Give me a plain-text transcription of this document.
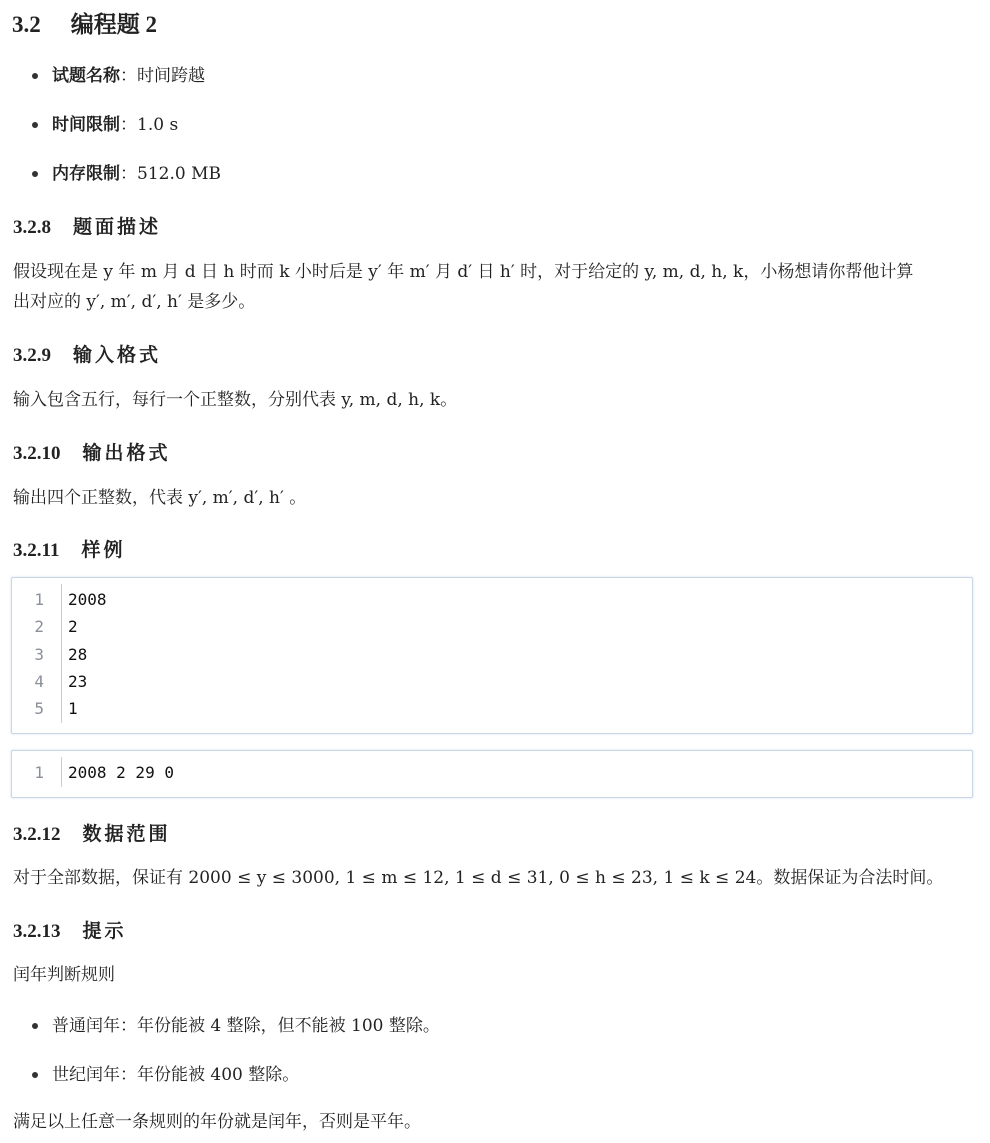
3.2 编程题 2
试题名称：时间跨越
时间限制：1.0 s
内存限制：512.0 MB
3.2.8 题面描述

假设现在是 y 年 m 月 d 日 h 时而 k 小时后是 y′ 年 m′ 月 d′ 日 h′ 时，对于给定的 y, m, d, h, k，小杨想请你帮他计算

出对应的 y′, m′, d′, h′ 是多少。

3.2.9 输入格式

输入包含五行，每行一个正整数，分别代表 y, m, d, h, k。

3.2.10 输出格式

输出四个正整数，代表 y′, m′, d′, h′ 。

3.2.11 样例
1	2008
2	2
3	28
4	23
5	1
1	2008 2 29 0
3.2.12 数据范围

对于全部数据，保证有 2000 ≤ y ≤ 3000, 1 ≤ m ≤ 12, 1 ≤ d ≤ 31, 0 ≤ h ≤ 23, 1 ≤ k ≤ 24。数据保证为合法时间。

3.2.13 提示

闰年判断规则

普通闰年：年份能被 4 整除，但不能被 100 整除。
世纪闰年：年份能被 400 整除。

满足以上任意一条规则的年份就是闰年，否则是平年。
